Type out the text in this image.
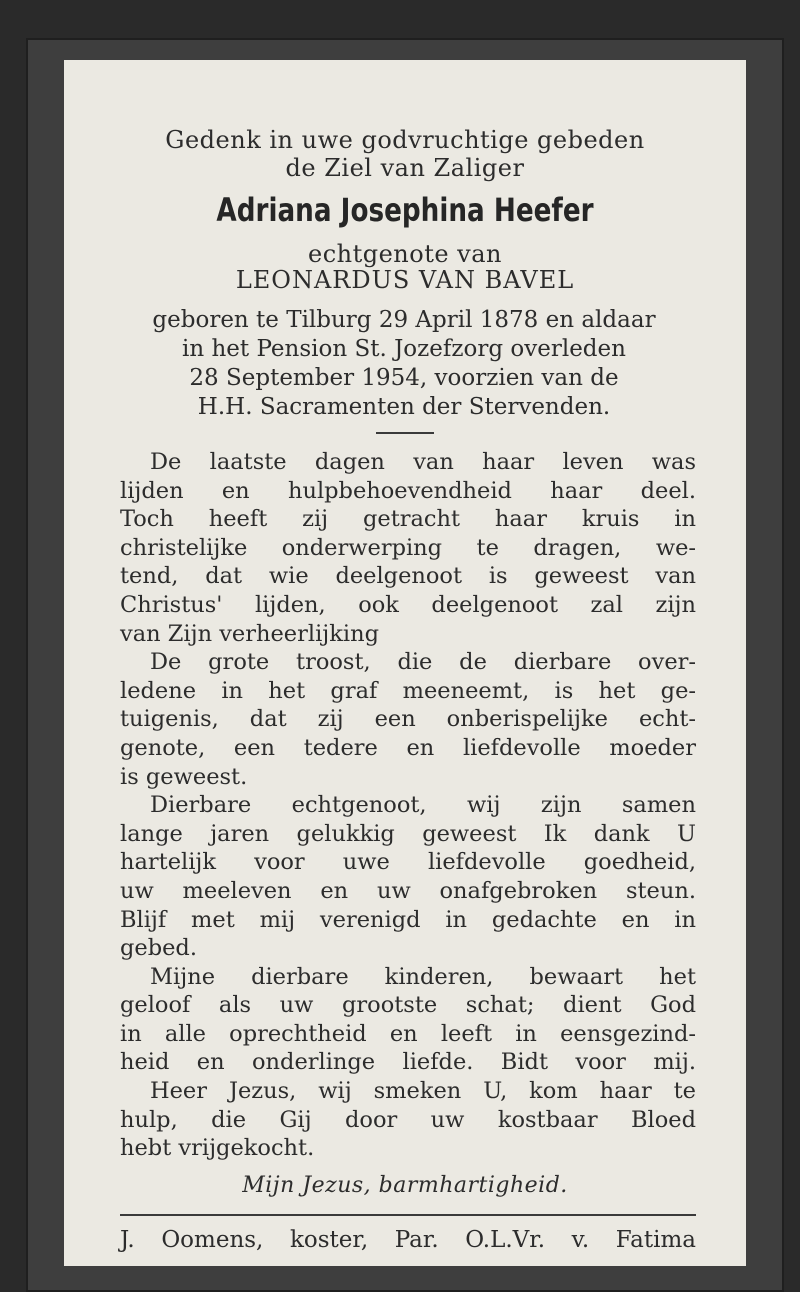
Gedenk in uwe godvruchtige gebeden
de Ziel van Zaliger
Adriana Josephina Heefer
echtgenote van
LEONARDUS VAN BAVEL
geboren te Tilburg 29 April 1878 en aldaar
in het Pension St. Jozefzorg overleden
28 September 1954, voorzien van de
H.H. Sacramenten der Stervenden.
De laatste dagen van haar leven was
lijden en hulpbehoevendheid haar deel.
Toch heeft zij getracht haar kruis in
christelijke onderwerping te dragen, we-
tend, dat wie deelgenoot is geweest van
Christus' lijden, ook deelgenoot zal zijn
van Zijn verheerlijking
De grote troost, die de dierbare over-
ledene in het graf meeneemt, is het ge-
tuigenis, dat zij een onberispelijke echt-
genote, een tedere en liefdevolle moeder
is geweest.
Dierbare echtgenoot, wij zijn samen
lange jaren gelukkig geweest Ik dank U
hartelijk voor uwe liefdevolle goedheid,
uw meeleven en uw onafgebroken steun.
Blijf met mij verenigd in gedachte en in
gebed.
Mijne dierbare kinderen, bewaart het
geloof als uw grootste schat; dient God
in alle oprechtheid en leeft in eensgezind-
heid en onderlinge liefde. Bidt voor mij.
Heer Jezus, wij smeken U, kom haar te
hulp, die Gij door uw kostbaar Bloed
hebt vrijgekocht.
Mijn Jezus, barmhartigheid.
J. Oomens, koster, Par. O.L.Vr. v. Fatima
